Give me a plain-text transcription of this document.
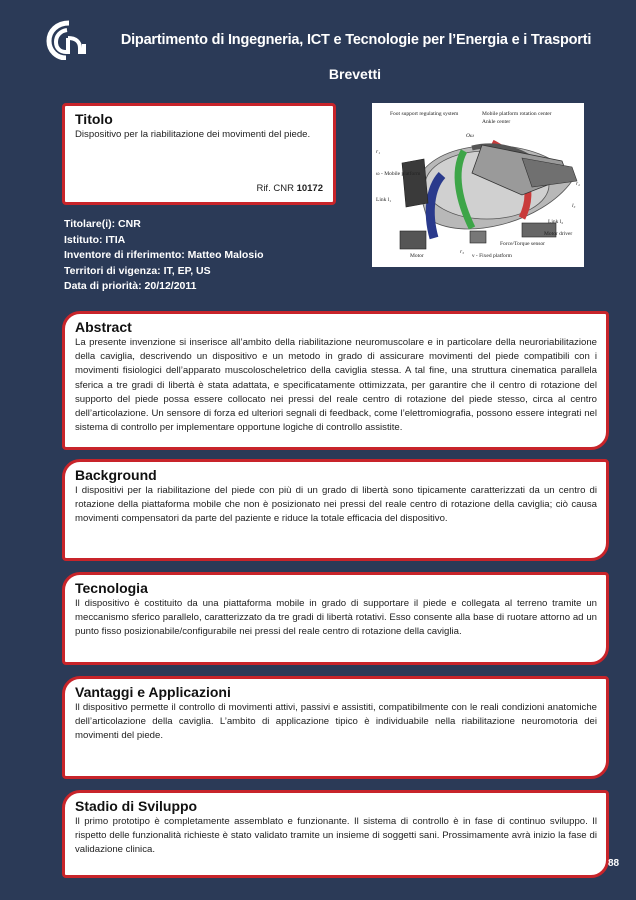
Dipartimento di Ingegneria, ICT e Tecnologie per l’Energia e i Trasporti
Brevetti
Titolo

Dispositivo per la riabilitazione dei movimenti del piede.

Rif. CNR 10172
Foot support regulating system	Mobile platform rotation center
Ankle center
ω - Mobile platform
Link l₁
Link l₂
Motor driver
Force/Torque sensor
ν - Fixed platform
Motor
Oω
r₁
r₂
r₃
l₃
Titolare(i): CNR
Istituto: ITIA
Inventore di riferimento: Matteo Malosio
Territori di vigenza: IT, EP, US
Data di priorità: 20/12/2011
Abstract

La presente invenzione si inserisce all’ambito della riabilitazione neuromuscolare e in particolare della neuroriabilitazione della caviglia, descrivendo un dispositivo e un metodo in grado di assicurare movimenti del piede compatibili con i movimenti fisiologici dell’apparato muscoloscheletrico della caviglia stessa. A tal fine, una struttura cinematica parallela sferica a tre gradi di libertà è stata adattata, e specificatamente ottimizzata, per garantire che il centro di rotazione del supporto del piede possa essere collocato nei pressi del reale centro di rotazione del piede stesso, circa al centro dell’articolazione. Un sensore di forza ed ulteriori segnali di feedback, come l’elettromiografia, possono essere integrati nel sistema di controllo per implementare opportune logiche di controllo assistite.

Background

I dispositivi per la riabilitazione del piede con più di un grado di libertà sono tipicamente caratterizzati da un centro di rotazione della piattaforma mobile che non è posizionato nei pressi del reale centro di rotazione della caviglia; ciò causa movimenti compensatori da parte del paziente e riduce la totale efficacia del dispositivo.

Tecnologia

Il dispositivo è costituito da una piattaforma mobile in grado di supportare il piede e collegata al terreno tramite un meccanismo sferico parallelo, caratterizzato da tre gradi di libertà rotativi. Esso consente alla base di ruotare attorno ad un punto fisso posizionabile/configurabile nei pressi del reale centro di rotazione della caviglia.

Vantaggi e Applicazioni

Il dispositivo permette il controllo di movimenti attivi, passivi e assistiti, compatibilmente con le reali condizioni anatomiche dell’articolazione della caviglia. L’ambito di applicazione tipico è individuabile nella riabilitazione neuromotoria dei movimenti del piede.

Stadio di Sviluppo

Il primo prototipo è completamente assemblato e funzionante. Il sistema di controllo è in fase di continuo sviluppo. Il rispetto delle funzionalità richieste è stato validato tramite un insieme di soggetti sani. Prossimamente avrà inizio la fase di validazione clinica.

88
